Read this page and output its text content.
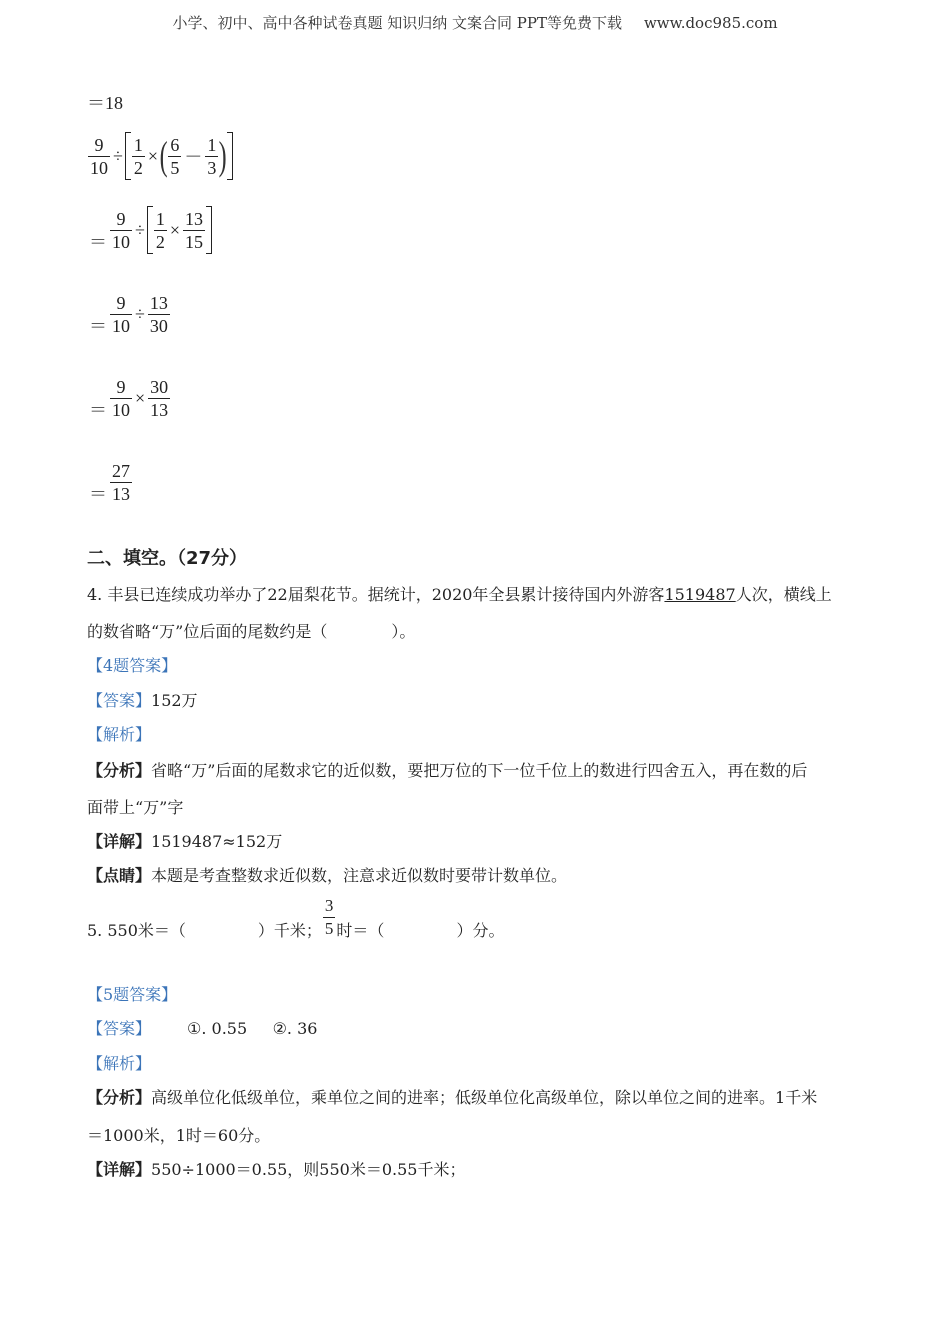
小学、初中、高中各种试卷真题 知识归纳 文案合同 PPT等免费下载 www.doc985.com
＝18
$\frac{9}{10} \div \frac{1}{2}$ × ( $\frac{6}{5} - \frac{1}{3}$ )
＝ $\frac{9}{10} \div \frac{1}{2} \times \frac{13}{15}$
＝ $\frac{9}{10} \div \frac{13}{30}$
＝ $\frac{9}{10} \times \frac{30}{13}$
＝ $\frac{27}{13}$
二、填空。（27分）
4. 丰县已连续成功举办了22届梨花节。据统计，2020年全县累计接待国内外游客1519487人次，横线上
的数省略“万”位后面的尾数约是（	）。
【4题答案】
【答案】152万
【解析】
【分析】省略“万”后面的尾数求它的近似数，要把万位的下一位千位上的数进行四舍五入，再在数的后
面带上“万”字
【详解】1519487≈152万
【点睛】本题是考查整数求近似数，注意求近似数时要带计数单位。
5. 550米＝（	）千米； $\frac{3}{5}$ 时＝（	）分。
【5题答案】
【答案】 ①. 0.55     ②. 36
【解析】
【分析】高级单位化低级单位，乘单位之间的进率；低级单位化高级单位，除以单位之间的进率。1千米
＝1000米，1时＝60分。
【详解】550÷1000＝0.55，则550米＝0.55千米；
